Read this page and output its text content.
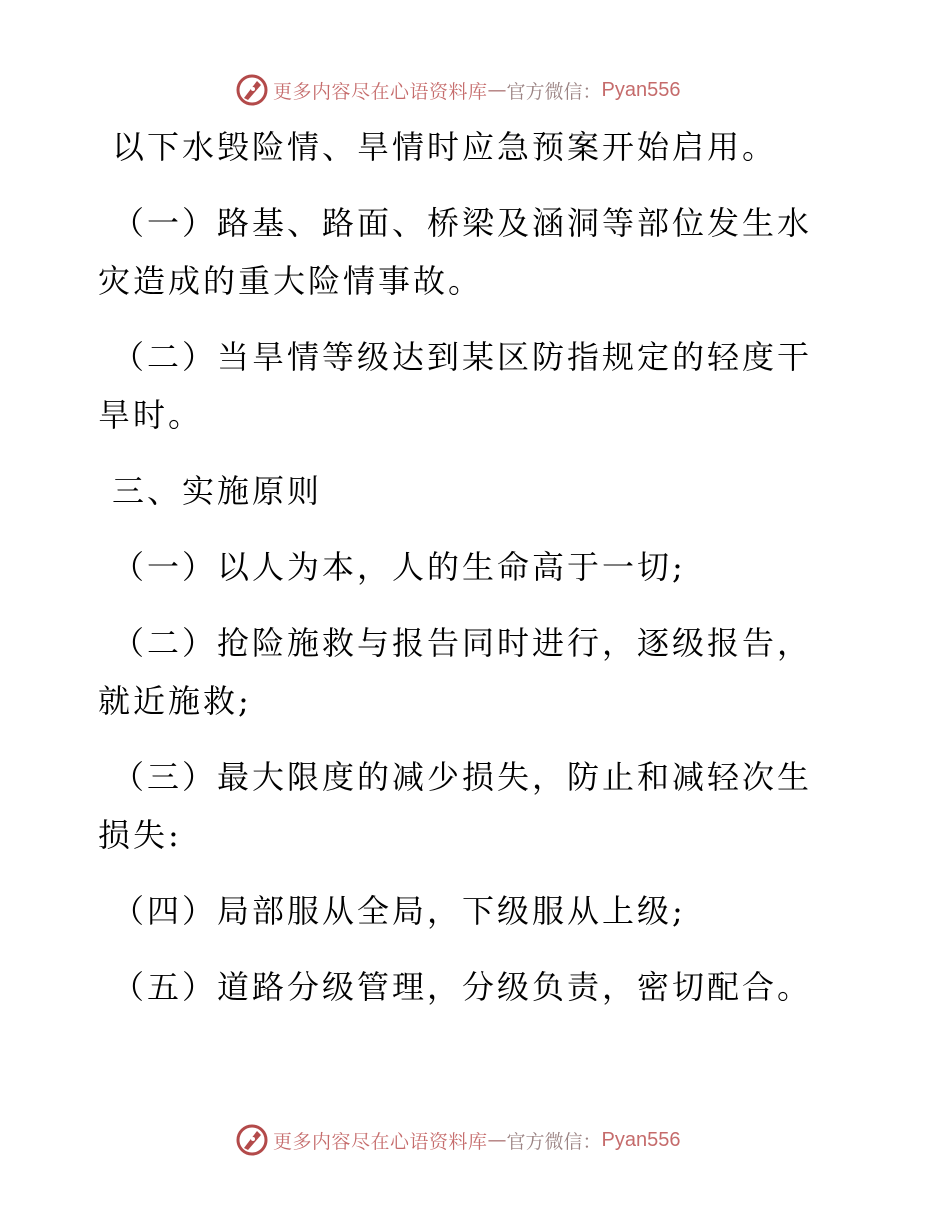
更多内容尽在心语资料库 — 官方微信： Pyan556

以下水毁险情、旱情时应急预案开始启用。

（一）路基、路面、桥梁及涵洞等部位发生水灾造成的重大险情事故。

（二）当旱情等级达到某区防指规定的轻度干旱时。

三、实施原则

（一）以人为本，人的生命高于一切;

（二）抢险施救与报告同时进行，逐级报告，就近施救;

（三）最大限度的减少损失，防止和减轻次生损失:

（四）局部服从全局，下级服从上级;

（五）道路分级管理，分级负责，密切配合。

更多内容尽在心语资料库 — 官方微信： Pyan556
